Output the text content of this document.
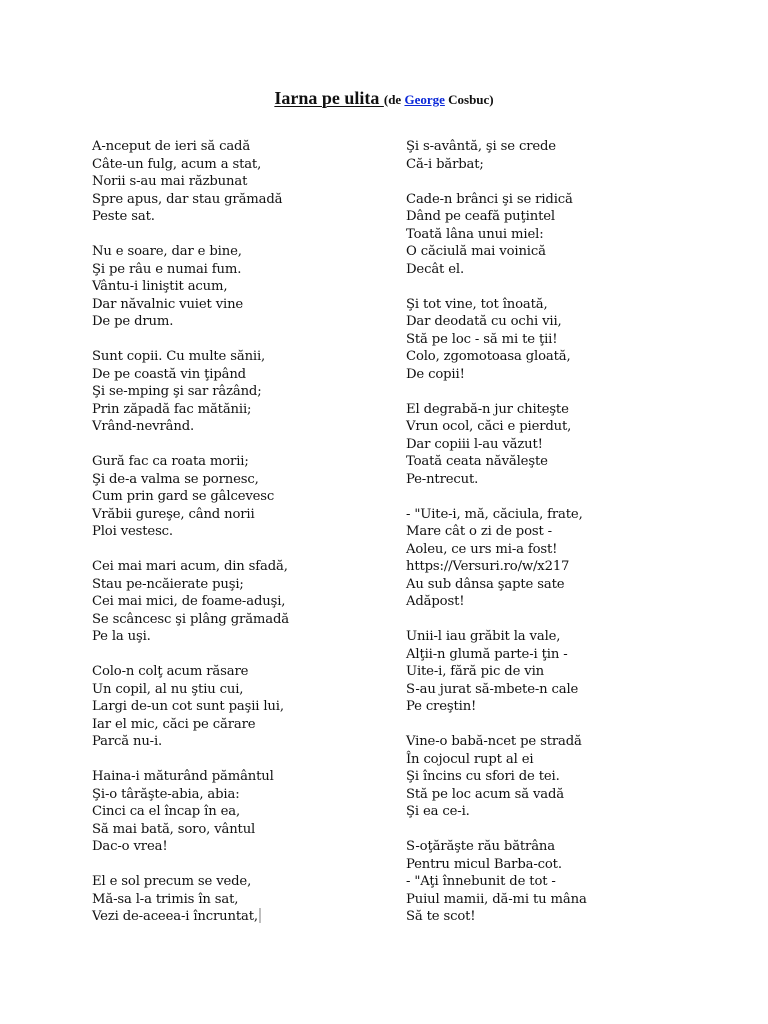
Iarna pe ulita (de George Cosbuc)
A-nceput de ieri să cadă
Câte-un fulg, acum a stat,
Norii s-au mai răzbunat
Spre apus, dar stau grămadă
Peste sat.
Nu e soare, dar e bine,
Şi pe râu e numai fum.
Vântu-i liniştit acum,
Dar năvalnic vuiet vine
De pe drum.
Sunt copii. Cu multe sănii,
De pe coastă vin ţipând
Şi se-mping şi sar râzând;
Prin zăpadă fac mătănii;
Vrând-nevrând.
Gură fac ca roata morii;
Şi de-a valma se pornesc,
Cum prin gard se gâlcevesc
Vrăbii gureşe, când norii
Ploi vestesc.
Cei mai mari acum, din sfadă,
Stau pe-ncăierate puşi;
Cei mai mici, de foame-aduşi,
Se scâncesc şi plâng grămadă
Pe la uşi.
Colo-n colţ acum răsare
Un copil, al nu ştiu cui,
Largi de-un cot sunt paşii lui,
Iar el mic, căci pe cărare
Parcă nu-i.
Haina-i măturând pământul
Şi-o târăşte-abia, abia:
Cinci ca el încap în ea,
Să mai bată, soro, vântul
Dac-o vrea!
El e sol precum se vede,
Mă-sa l-a trimis în sat,
Vezi de-aceea-i încruntat,
Şi s-avântă, şi se crede
Că-i bărbat;
Cade-n brânci şi se ridică
Dând pe ceafă puţintel
Toată lâna unui miel:
O căciulă mai voinică
Decât el.
Şi tot vine, tot înoată,
Dar deodată cu ochi vii,
Stă pe loc - să mi te ţii!
Colo, zgomotoasa gloată,
De copii!
El degrabă-n jur chiteşte
Vrun ocol, căci e pierdut,
Dar copiii l-au văzut!
Toată ceata năvăleşte
Pe-ntrecut.
- "Uite-i, mă, căciula, frate,
Mare cât o zi de post -
Aoleu, ce urs mi-a fost!
https://Versuri.ro/w/x217
Au sub dânsa şapte sate
Adăpost!
Unii-l iau grăbit la vale,
Alţii-n glumă parte-i ţin -
Uite-i, fără pic de vin
S-au jurat să-mbete-n cale
Pe creştin!
Vine-o babă-ncet pe stradă
În cojocul rupt al ei
Şi încins cu sfori de tei.
Stă pe loc acum să vadă
Şi ea ce-i.
S-oţărăşte rău bătrâna
Pentru micul Barba-cot.
- "Aţi înnebunit de tot -
Puiul mamii, dă-mi tu mâna
Să te scot!
